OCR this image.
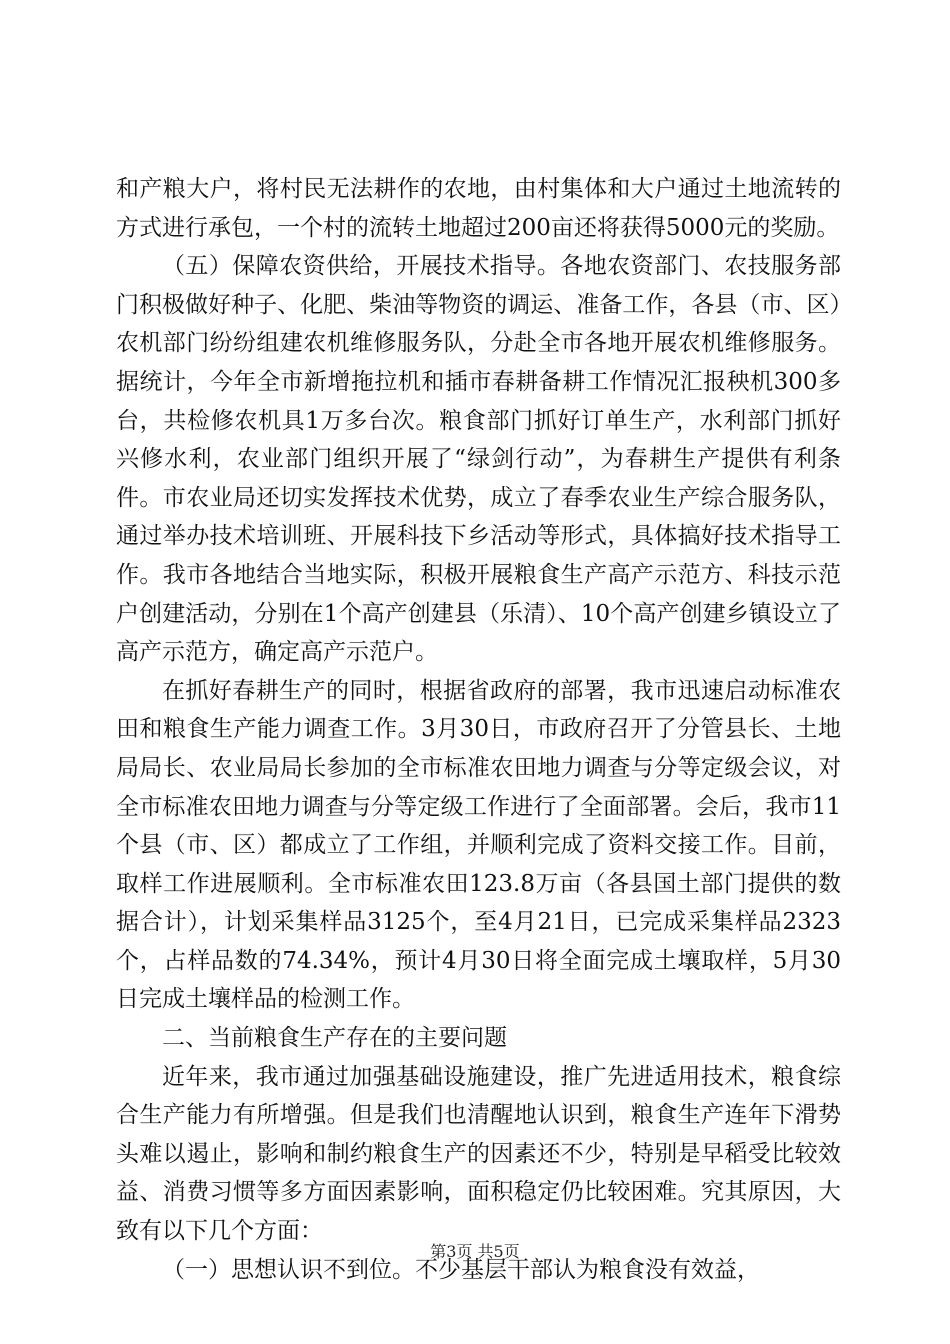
和产粮大户，将村民无法耕作的农地，由村集体和大户通过土地流转的方式进行承包，一个村的流转土地超过200亩还将获得5000元的奖励。

（五）保障农资供给，开展技术指导。各地农资部门、农技服务部门积极做好种子、化肥、柴油等物资的调运、准备工作，各县（市、区）农机部门纷纷组建农机维修服务队，分赴全市各地开展农机维修服务。据统计，今年全市新增拖拉机和插市春耕备耕工作情况汇报秧机300多台，共检修农机具1万多台次。粮食部门抓好订单生产，水利部门抓好兴修水利，农业部门组织开展了“绿剑行动”，为春耕生产提供有利条件。市农业局还切实发挥技术优势，成立了春季农业生产综合服务队，通过举办技术培训班、开展科技下乡活动等形式，具体搞好技术指导工作。我市各地结合当地实际，积极开展粮食生产高产示范方、科技示范户创建活动，分别在1个高产创建县（乐清）、10个高产创建乡镇设立了高产示范方，确定高产示范户。

在抓好春耕生产的同时，根据省政府的部署，我市迅速启动标准农田和粮食生产能力调查工作。3月30日，市政府召开了分管县长、土地局局长、农业局局长参加的全市标准农田地力调查与分等定级会议，对全市标准农田地力调查与分等定级工作进行了全面部署。会后，我市11个县（市、区）都成立了工作组，并顺利完成了资料交接工作。目前，取样工作进展顺利。全市标准农田123.8万亩（各县国土部门提供的数据合计），计划采集样品3125个，至4月21日，已完成采集样品2323个，占样品数的74.34%，预计4月30日将全面完成土壤取样，5月30日完成土壤样品的检测工作。

二、当前粮食生产存在的主要问题

近年来，我市通过加强基础设施建设，推广先进适用技术，粮食综合生产能力有所增强。但是我们也清醒地认识到，粮食生产连年下滑势头难以遏止，影响和制约粮食生产的因素还不少，特别是早稻受比较效益、消费习惯等多方面因素影响，面积稳定仍比较困难。究其原因，大致有以下几个方面：

（一）思想认识不到位。不少基层干部认为粮食没有效益，

第3页 共5页
